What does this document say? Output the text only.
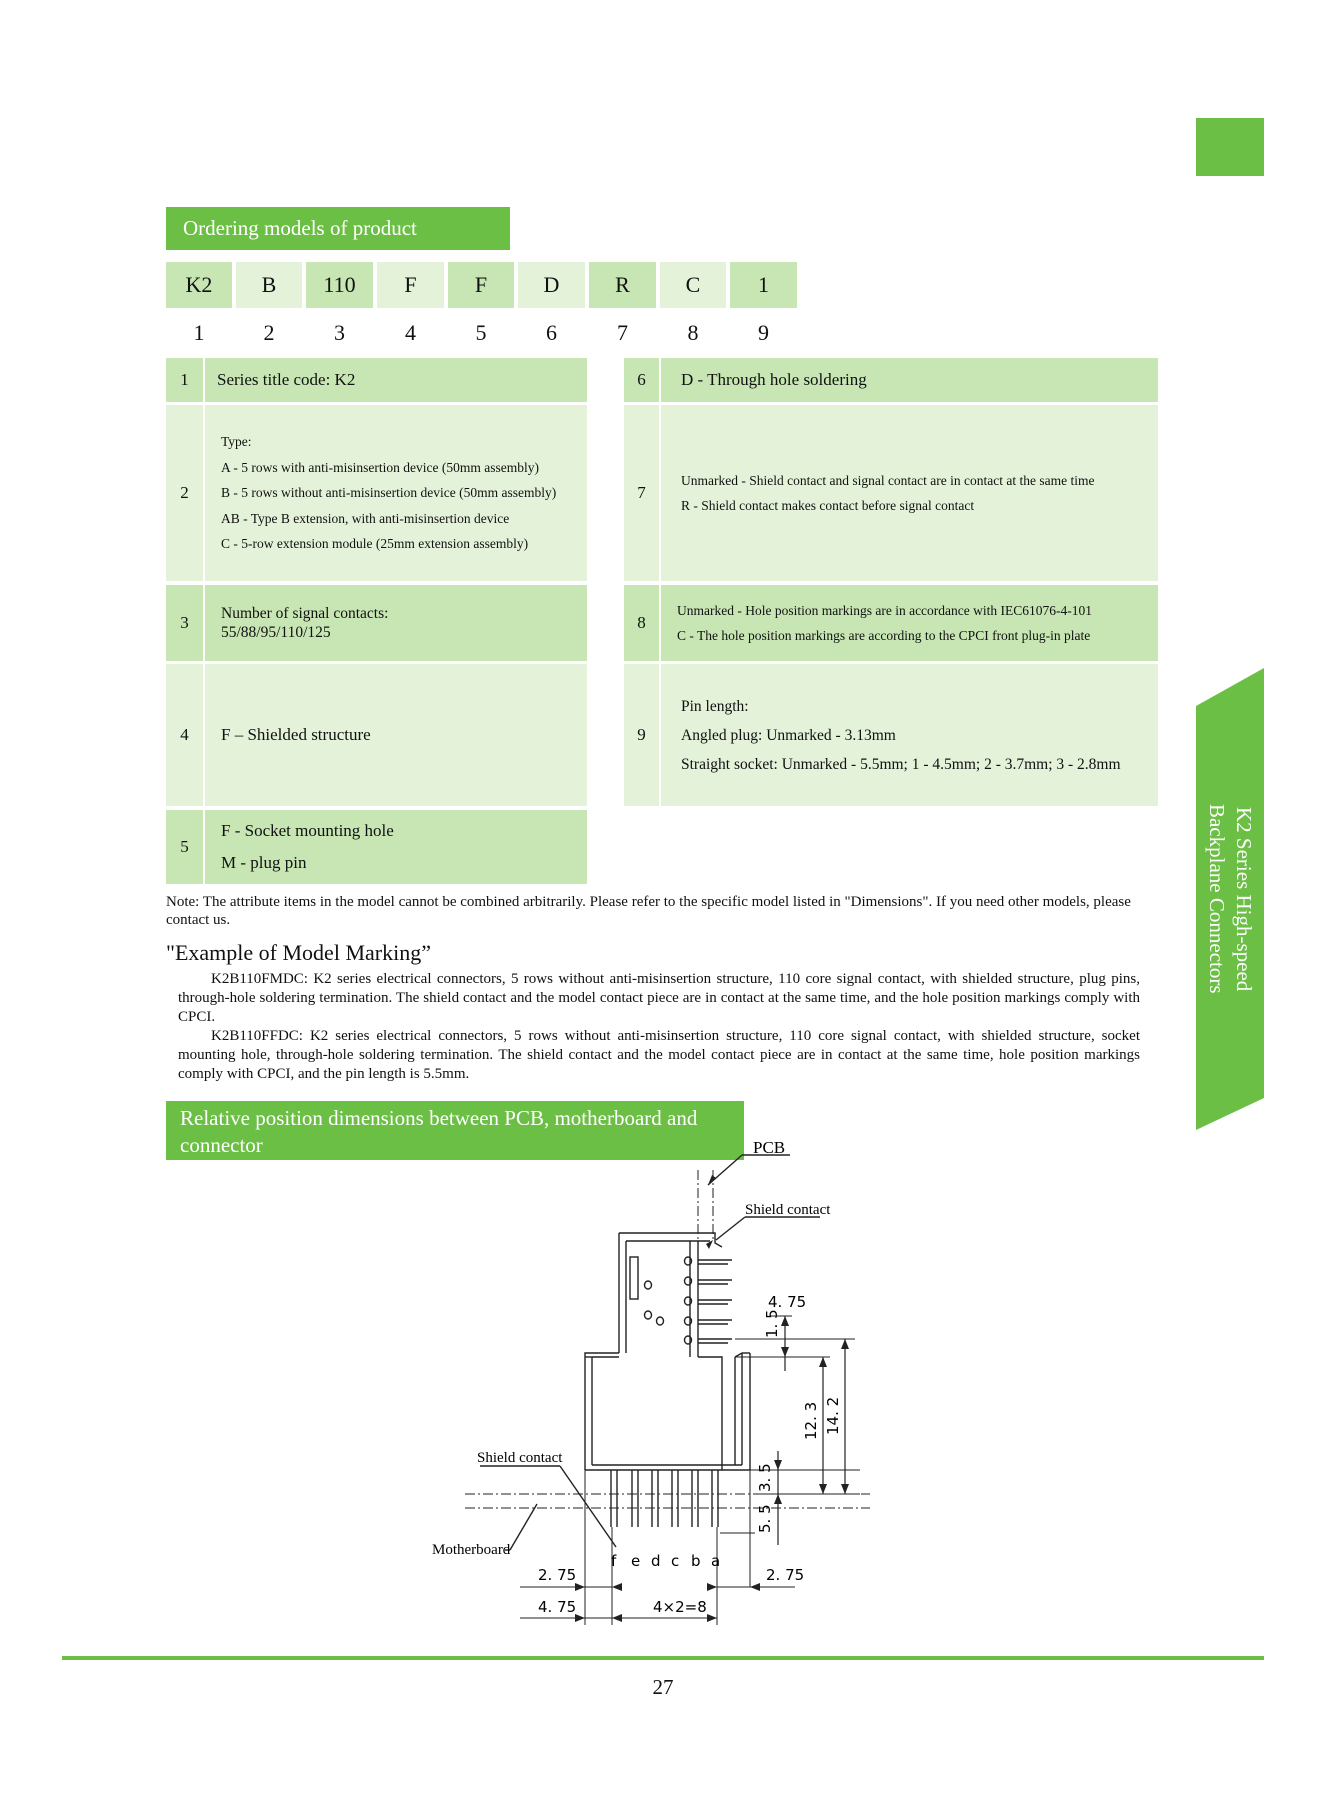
Ordering models of product
K2	B	110	F	F	D	R	C	1
1	2	3	4	5	6	7	8	9
1	Series title code: K2
2
Type:
A - 5 rows with anti-misinsertion device (50mm assembly)
B - 5 rows without anti-misinsertion device (50mm assembly)
AB - Type B extension, with anti-misinsertion device
C - 5-row extension module (25mm extension assembly)
3	Number of signal contacts:
55/88/95/110/125
4	F – Shielded structure
5
F - Socket mounting hole
M - plug pin
6	D - Through hole soldering
7
Unmarked - Shield contact and signal contact are in contact at the same time
R - Shield contact makes contact before signal contact
8
Unmarked - Hole position markings are in accordance with IEC61076-4-101
C - The hole position markings are according to the CPCI front plug-in plate
9
Pin length:
Angled plug: Unmarked - 3.13mm
Straight socket: Unmarked - 5.5mm; 1 - 4.5mm; 2 - 3.7mm; 3 - 2.8mm
K2 Series High-speed
Backplane Connectors
Note: The attribute items in the model cannot be combined arbitrarily. Please refer to the specific model listed in "Dimensions". If you need other models, please contact us.
"Example of Model Marking”
K2B110FMDC: K2 series electrical connectors, 5 rows without anti-misinsertion structure, 110 core signal contact, with shielded structure, plug pins, through-hole soldering termination. The shield contact and the model contact piece are in contact at the same time, and the hole position markings comply with CPCI.
K2B110FFDC: K2 series electrical connectors, 5 rows without anti-misinsertion structure, 110 core signal contact, with shielded structure, socket mounting hole, through-hole soldering termination. The shield contact and the model contact piece are in contact at the same time, hole position markings comply with CPCI, and the pin length is 5.5mm.
Relative position dimensions between PCB, motherboard and connector	PCB
Shield contact
Shield contact
Motherboard
4. 75
1. 5
12. 3 14. 2
3. 5
5. 5
2. 75	2. 75
4. 75	4×2=8
f e d c b a
27
